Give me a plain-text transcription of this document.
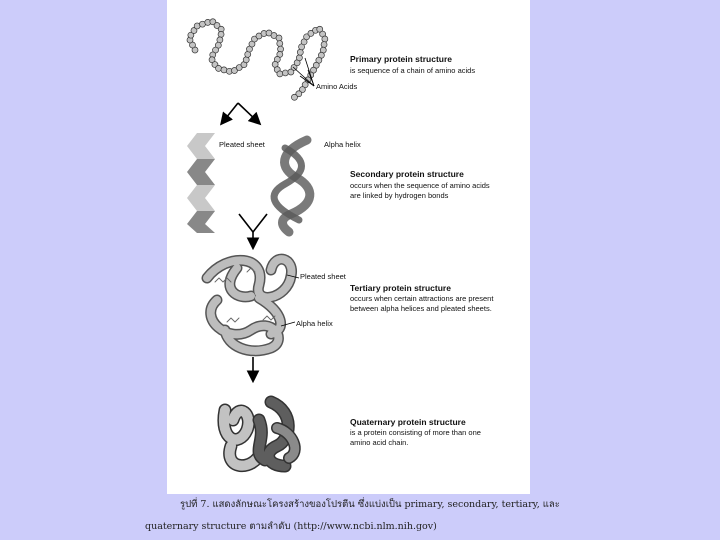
Primary protein structure
is sequence of a chain of amino acids
Amino Acids
Pleated sheet	Alpha helix
Secondary protein structure
occurs when the sequence of amino acids
are linked by hydrogen bonds
Pleated sheet
Tertiary protein structure
occurs when certain attractions are present
between alpha helices and pleated sheets.
Alpha helix
Quaternary protein structure
is a protein consisting of more than one
amino acid chain.
รูปที่ 7. แสดงลักษณะโครงสร้างของโปรตีน ซึ่งแบ่งเป็น primary, secondary, tertiary, และ
quaternary structure ตามลำดับ (http://www.ncbi.nlm.nih.gov)
